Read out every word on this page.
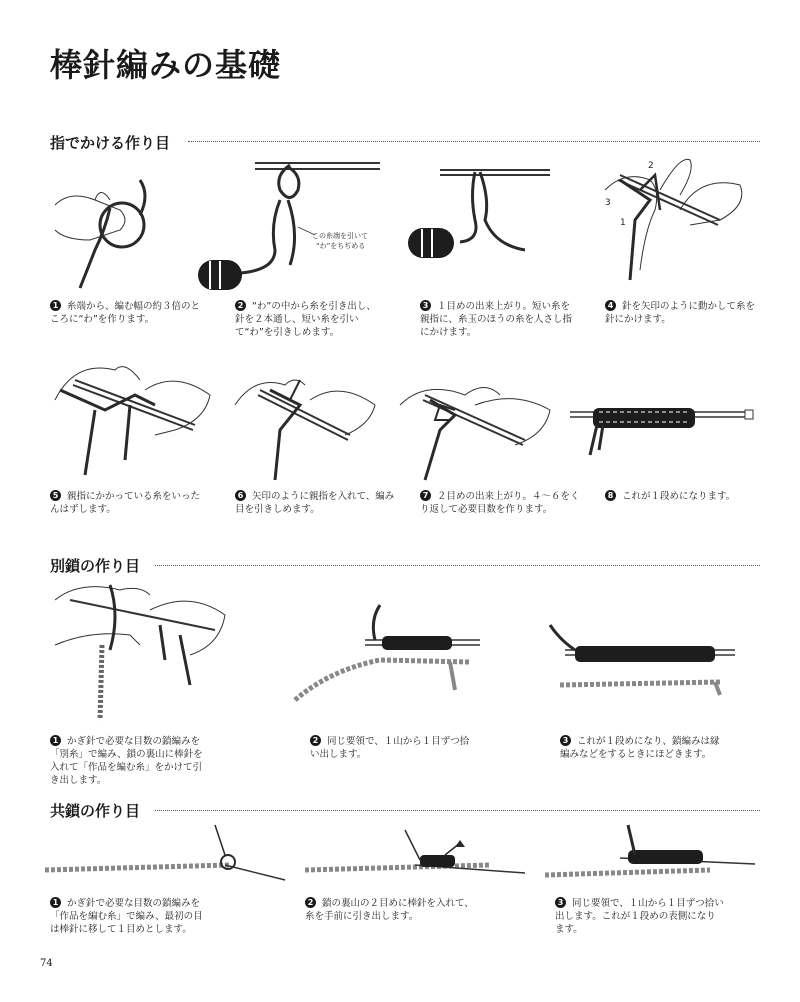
棒針編みの基礎
指でかける作り目
この糸端を引いて
“わ”をちぢめる
3
2
1
1 糸端から、編む幅の約３倍のところに“わ”を作ります。
2 “わ”の中から糸を引き出し、針を２本通し、短い糸を引いて“わ”を引きしめます。
3 １目めの出来上がり。短い糸を親指に、糸玉のほうの糸を人さし指にかけます。
4 針を矢印のように動かして糸を針にかけます。
5 親指にかかっている糸をいったんはずします。
6 矢印のように親指を入れて、編み目を引きしめます。
7 ２目めの出来上がり。４～６をくり返して必要目数を作ります。
8 これが１段めになります。
別鎖の作り目
1 かぎ針で必要な目数の鎖編みを「別糸」で編み、鎖の裏山に棒針を入れて「作品を編む糸」をかけて引き出します。
2 同じ要領で、１山から１目ずつ拾い出します。
3 これが１段めになり、鎖編みは縁編みなどをするときにほどきます。
共鎖の作り目
1 かぎ針で必要な目数の鎖編みを「作品を編む糸」で編み、最初の目は棒針に移して１目めとします。
2 鎖の裏山の２目めに棒針を入れて、糸を手前に引き出します。
3 同じ要領で、１山から１目ずつ拾い出します。これが１段めの表側になります。
74
